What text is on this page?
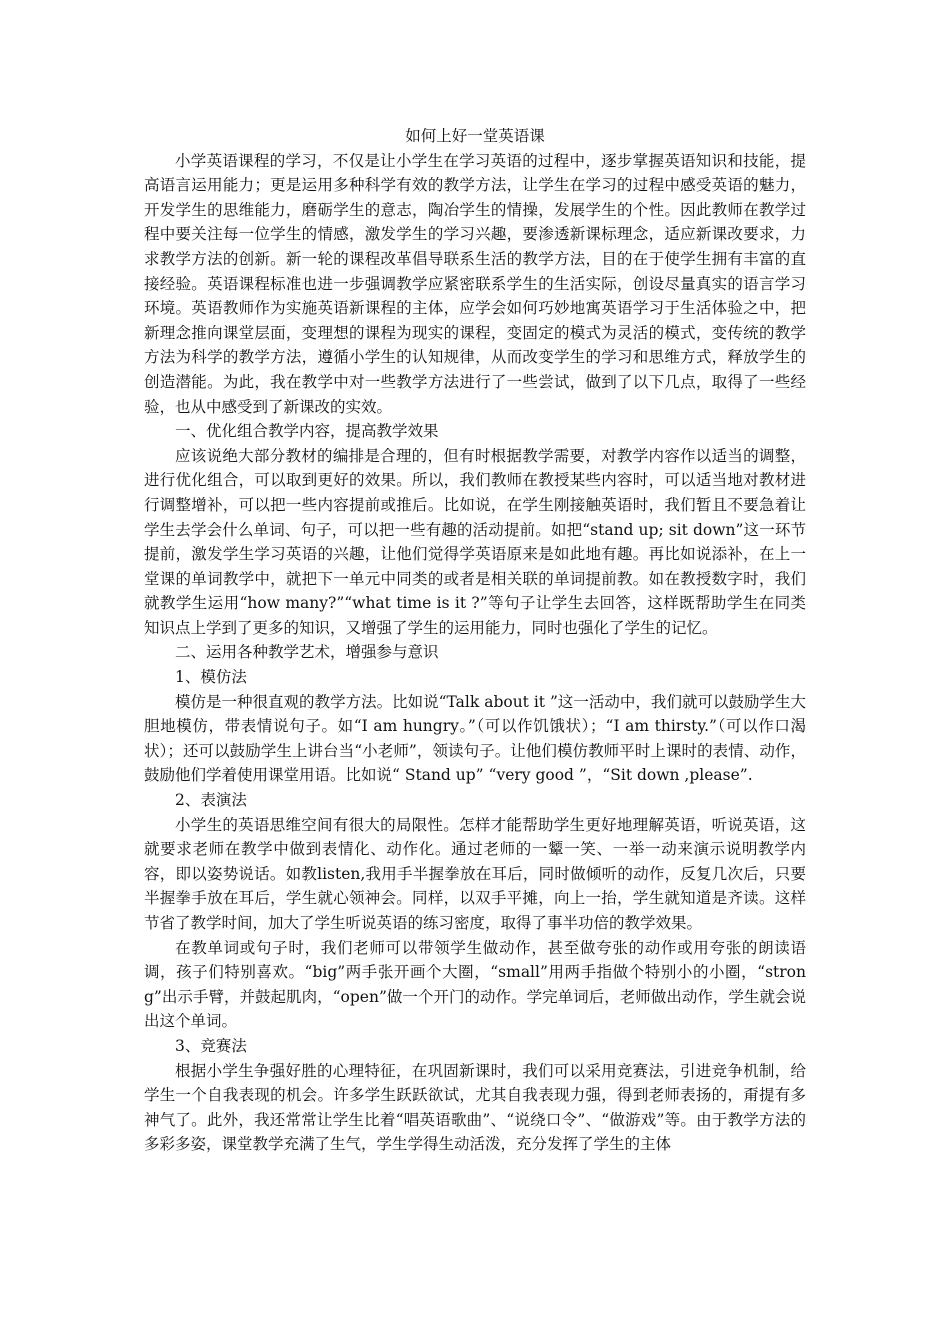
如何上好一堂英语课

小学英语课程的学习，不仅是让小学生在学习英语的过程中，逐步掌握英语知识和技能，提高语言运用能力；更是运用多种科学有效的教学方法，让学生在学习的过程中感受英语的魅力，开发学生的思维能力，磨砺学生的意志，陶冶学生的情操，发展学生的个性。因此教师在教学过程中要关注每一位学生的情感，激发学生的学习兴趣，要渗透新课标理念，适应新课改要求，力求教学方法的创新。新一轮的课程改革倡导联系生活的教学方法，目的在于使学生拥有丰富的直接经验。英语课程标准也进一步强调教学应紧密联系学生的生活实际，创设尽量真实的语言学习环境。英语教师作为实施英语新课程的主体，应学会如何巧妙地寓英语学习于生活体验之中，把新理念推向课堂层面，变理想的课程为现实的课程，变固定的模式为灵活的模式，变传统的教学方法为科学的教学方法，遵循小学生的认知规律，从而改变学生的学习和思维方式，释放学生的创造潜能。为此，我在教学中对一些教学方法进行了一些尝试，做到了以下几点，取得了一些经验，也从中感受到了新课改的实效。

一、优化组合教学内容，提高教学效果

应该说绝大部分教材的编排是合理的，但有时根据教学需要，对教学内容作以适当的调整，进行优化组合，可以取到更好的效果。所以，我们教师在教授某些内容时，可以适当地对教材进行调整增补，可以把一些内容提前或推后。比如说，在学生刚接触英语时，我们暂且不要急着让学生去学会什么单词、句子，可以把一些有趣的活动提前。如把“stand up; sit down”这一环节提前，激发学生学习英语的兴趣，让他们觉得学英语原来是如此地有趣。再比如说添补，在上一堂课的单词教学中，就把下一单元中同类的或者是相关联的单词提前教。如在教授数字时，我们就教学生运用“how many?”“what time is it ?”等句子让学生去回答，这样既帮助学生在同类知识点上学到了更多的知识，又增强了学生的运用能力，同时也强化了学生的记忆。

二、运用各种教学艺术，增强参与意识

1、模仿法

模仿是一种很直观的教学方法。比如说“Talk about it ”这一活动中，我们就可以鼓励学生大胆地模仿，带表情说句子。如“I am hungry。”（可以作饥饿状）；“I am thirsty.”（可以作口渴状）；还可以鼓励学生上讲台当“小老师”，领读句子。让他们模仿教师平时上课时的表情、动作，鼓励他们学着使用课堂用语。比如说“ Stand up” “very good ”，“Sit down ,please”.

2、表演法

小学生的英语思维空间有很大的局限性。怎样才能帮助学生更好地理解英语，听说英语，这就要求老师在教学中做到表情化、动作化。通过老师的一颦一笑、一举一动来演示说明教学内容，即以姿势说话。如教listen,我用手半握拳放在耳后，同时做倾听的动作，反复几次后，只要半握拳手放在耳后，学生就心领神会。同样，以双手平摊，向上一抬，学生就知道是齐读。这样节省了教学时间，加大了学生听说英语的练习密度，取得了事半功倍的教学效果。

在教单词或句子时，我们老师可以带领学生做动作，甚至做夸张的动作或用夸张的朗读语调，孩子们特别喜欢。“big”两手张开画个大圈，“small”用两手指做个特别小的小圈，“strong”出示手臂，并鼓起肌肉，“open”做一个开门的动作。学完单词后，老师做出动作，学生就会说出这个单词。

3、竞赛法

根据小学生争强好胜的心理特征，在巩固新课时，我们可以采用竞赛法，引进竞争机制，给学生一个自我表现的机会。许多学生跃跃欲试，尤其自我表现力强，得到老师表扬的，甭提有多神气了。此外，我还常常让学生比着“唱英语歌曲”、“说绕口令”、“做游戏”等。由于教学方法的多彩多姿，课堂教学充满了生气，学生学得生动活泼，充分发挥了学生的主体
